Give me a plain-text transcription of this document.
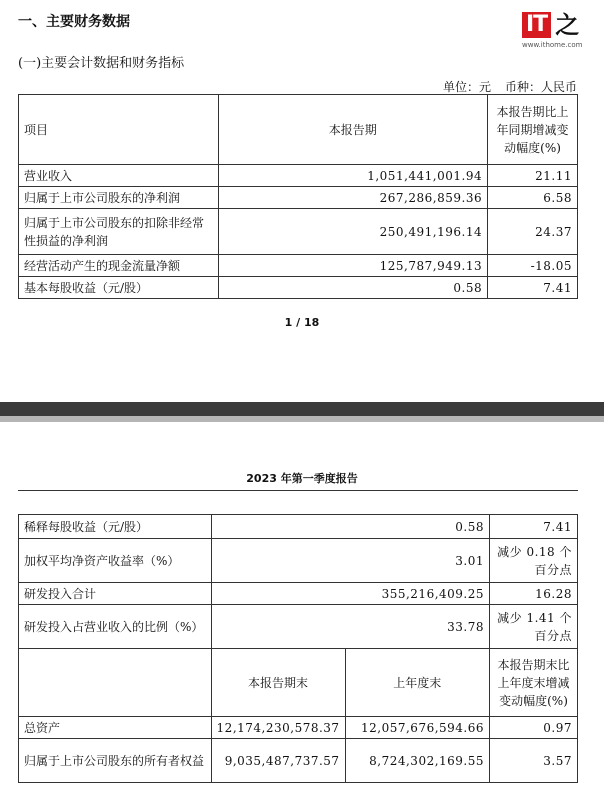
一、主要财务数据
(一)主要会计数据和财务指标
IT 之
www.ithome.com
单位：元 币种：人民币
项目	本报告期	本报告期比上年同期增减变动幅度(%)
营业收入	1,051,441,001.94	21.11
归属于上市公司股东的净利润	267,286,859.36	6.58
归属于上市公司股东的扣除非经常性损益的净利润	250,491,196.14	24.37
经营活动产生的现金流量净额	125,787,949.13	-18.05
基本每股收益（元/股）	0.58	7.41
1 / 18
2023 年第一季度报告
稀释每股收益（元/股）	0.58		7.41
加权平均净资产收益率（%）	3.01		减少 0.18 个百分点
研发投入合计	355,216,409.25		16.28
研发投入占营业收入的比例（%）	33.78		减少 1.41 个百分点
	本报告期末	上年度末	本报告期末比上年度末增减变动幅度(%)
总资产	12,174,230,578.37	12,057,676,594.66	0.97
归属于上市公司股东的所有者权益	9,035,487,737.57	8,724,302,169.55	3.57
